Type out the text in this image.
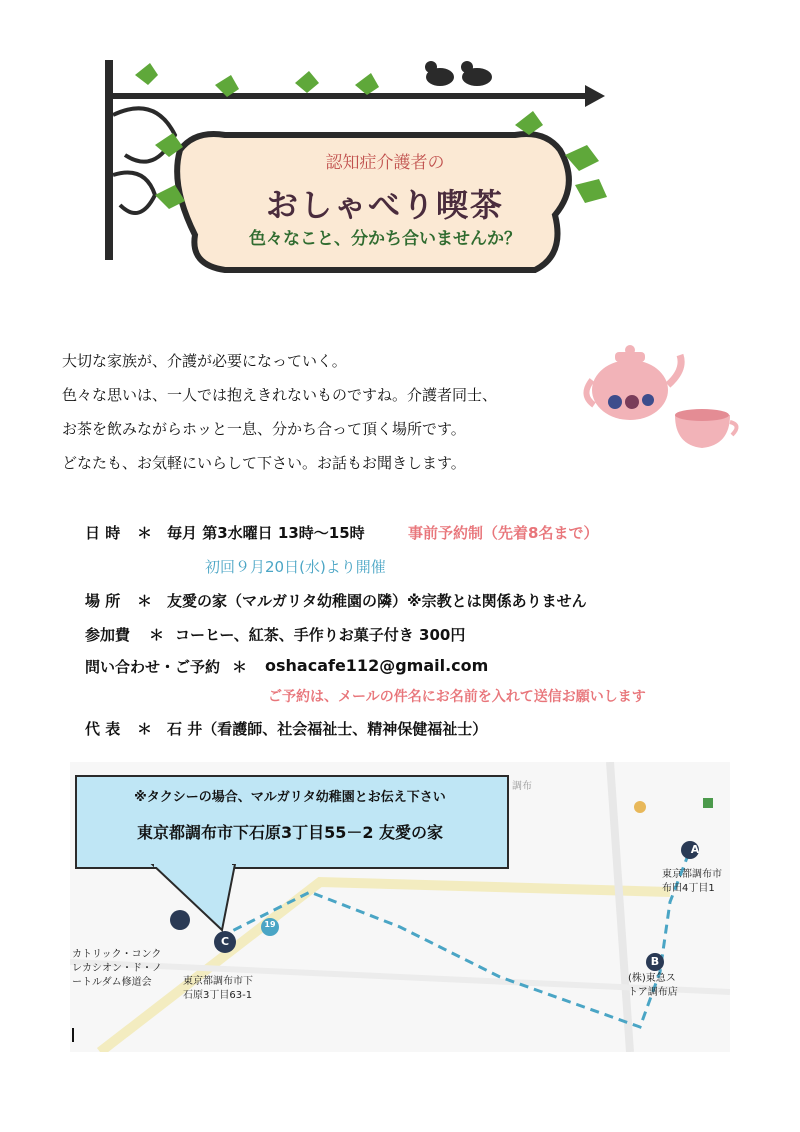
認知症介護者の
おしゃべり喫茶
色々なこと、分かち合いませんか？
大切な家族が、介護が必要になっていく。
色々な思いは、一人では抱えきれないものですね。介護者同士、
お茶を飲みながらホッと一息、分かち合って頂く場所です。
どなたも、お気軽にいらして下さい。お話もお聞きします。
日 時 ＊ 毎月 第3水曜日 13時～15時	事前予約制（先着8名まで）
初回９月20日(水)より開催
場 所 ＊ 友愛の家（マルガリタ幼稚園の隣）※宗教とは関係ありません
参加費 ＊ コーヒー、紅茶、手作りお菓子付き 300円
問い合わせ・ご予約 ＊ oshacafe112@gmail.com
ご予約は、メールの件名にお名前を入れて送信お願いします
代 表 ＊ 石 井（看護師、社会福祉士、精神保健福祉士）
A
B
C
19
東京都調布市
布田4丁目1
(株)東急ス
トア調布店
カトリック・コンク
レカシオン・ド・ノ
ートルダム修道会	東京都調布市下
石原3丁目63-1
調布
※タクシーの場合、マルガリタ幼稚園とお伝え下さい
東京都調布市下石原3丁目55－2 友愛の家
